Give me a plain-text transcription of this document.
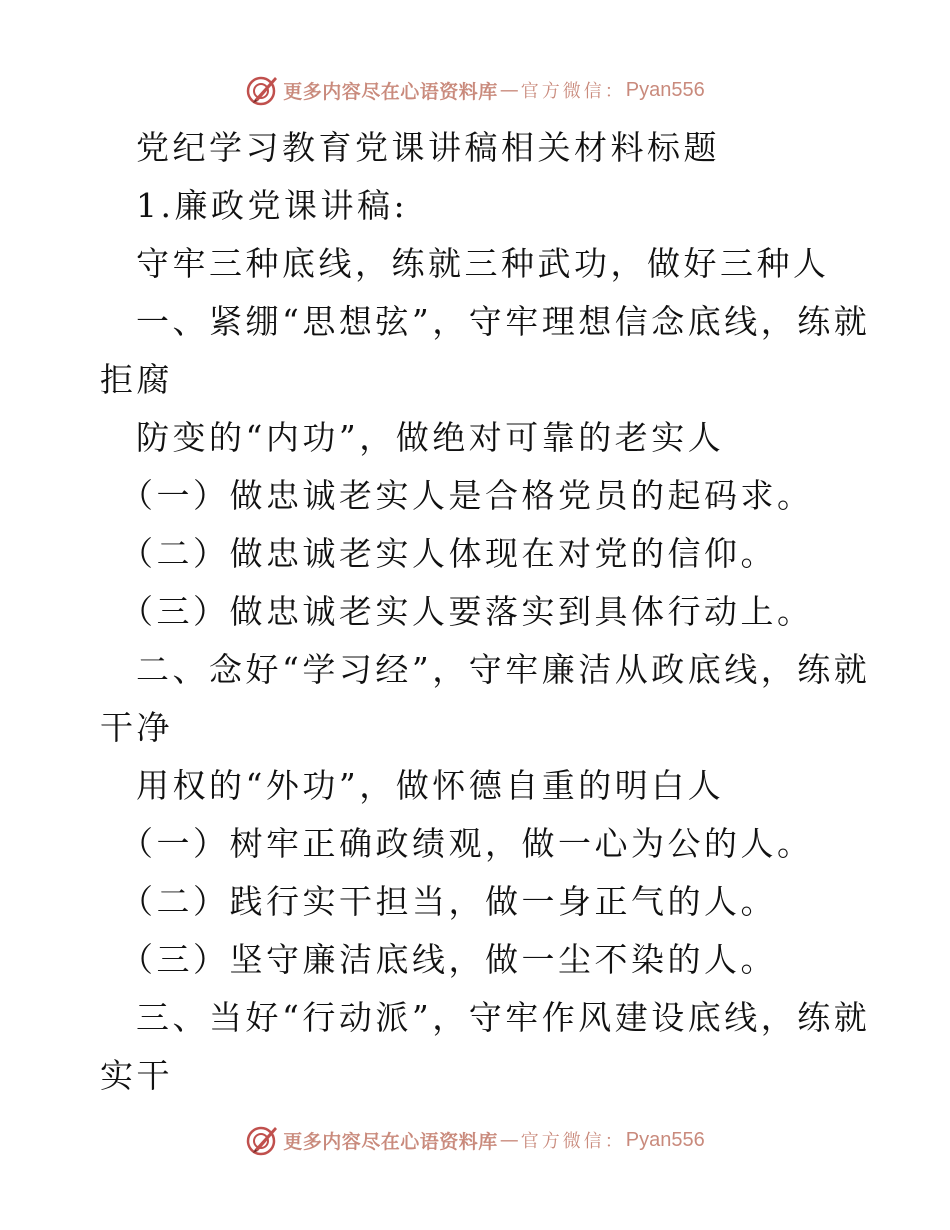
更多内容尽在心语资料库 — 官方微信： Pyan556
党纪学习教育党课讲稿相关材料标题
1.廉政党课讲稿:
守牢三种底线，练就三种武功，做好三种人
一、紧绷“思想弦”，守牢理想信念底线，练就
拒腐
防变的“内功”，做绝对可靠的老实人
（一）做忠诚老实人是合格党员的起码求。
（二）做忠诚老实人体现在对党的信仰。
（三）做忠诚老实人要落实到具体行动上。
二、念好“学习经”，守牢廉洁从政底线，练就
干净
用权的“外功”，做怀德自重的明白人
（一）树牢正确政绩观，做一心为公的人。
（二）践行实干担当，做一身正气的人。
（三）坚守廉洁底线，做一尘不染的人。
三、当好“行动派”，守牢作风建设底线，练就
实干
更多内容尽在心语资料库 — 官方微信： Pyan556
